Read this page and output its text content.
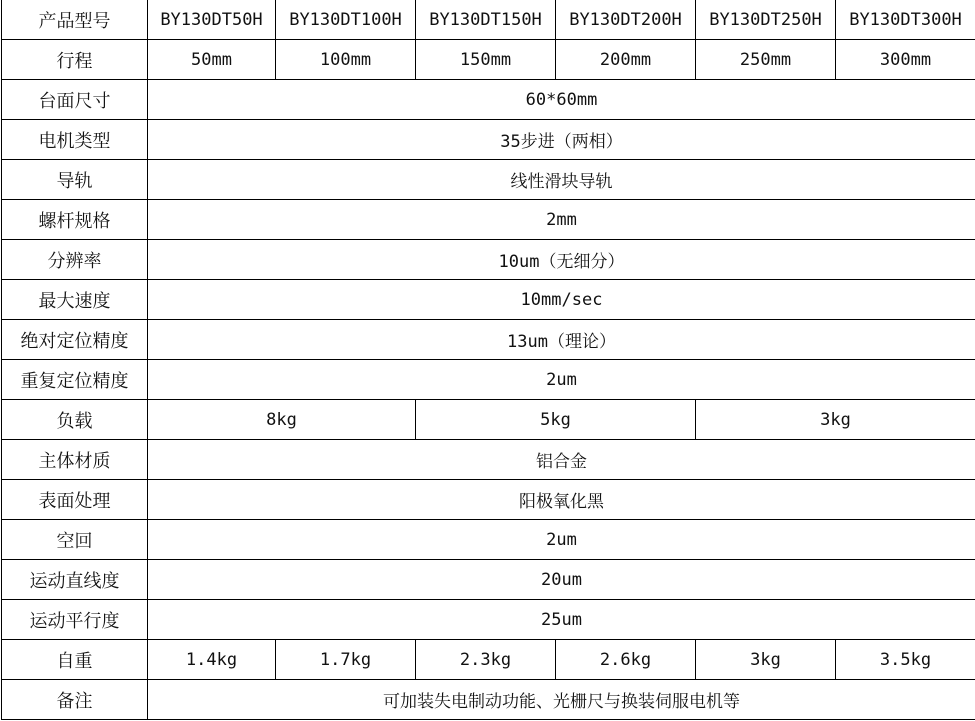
产品型号	BY130DT50H	BY130DT100H	BY130DT150H	BY130DT200H	BY130DT250H	BY130DT300H
行程	50mm	100mm	150mm	200mm	250mm	300mm
台面尺寸	60*60mm					
电机类型	35步进（两相）					
导轨	线性滑块导轨					
螺杆规格	2mm					
分辨率	10um（无细分）					
最大速度	10mm/sec					
绝对定位精度	13um（理论）					
重复定位精度	2um					
负载	8kg		5kg		3kg	
主体材质	铝合金					
表面处理	阳极氧化黑					
空回	2um					
运动直线度	20um					
运动平行度	25um					
自重	1.4kg	1.7kg	2.3kg	2.6kg	3kg	3.5kg
备注	可加装失电制动功能、光栅尺与换装伺服电机等					
